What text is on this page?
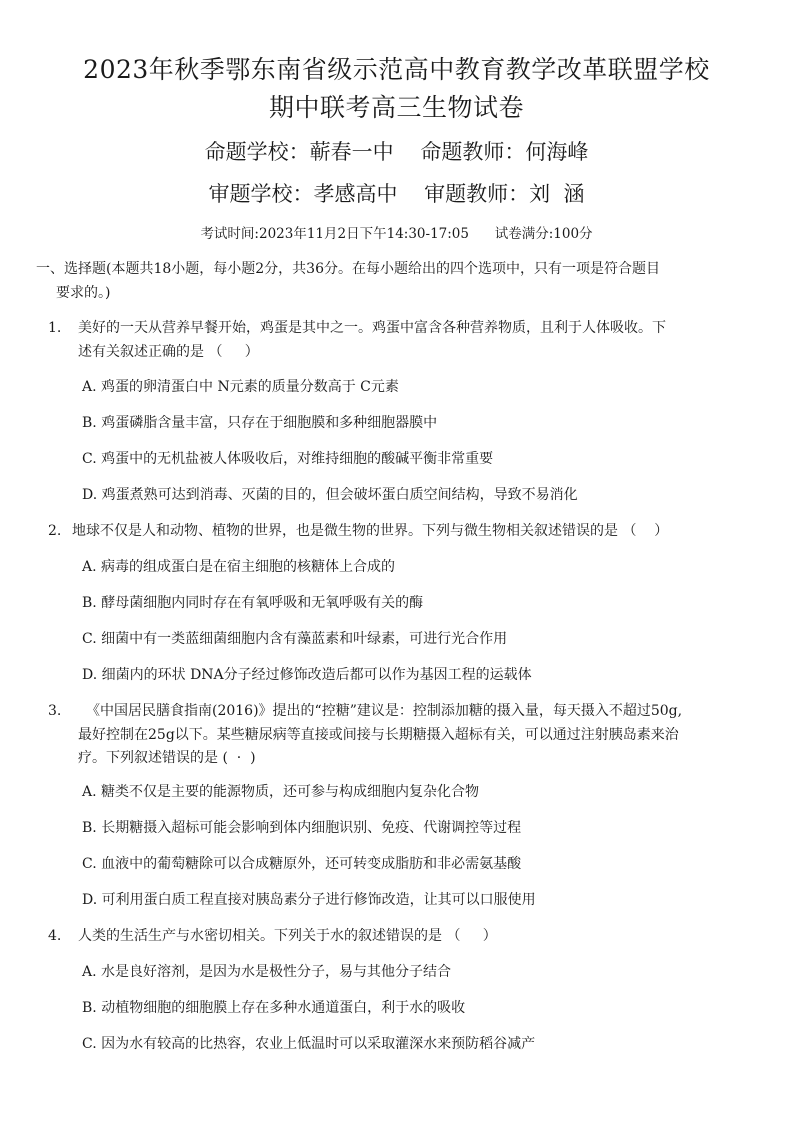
2023年秋季鄂东南省级示范高中教育教学改革联盟学校
期中联考高三生物试卷
命题学校：蕲春一中    命题教师：何海峰
审题学校：孝感高中    审题教师：刘  涵
考试时间:2023年11月2日下午14:30-17:05      试卷满分:100分
一、选择题(本题共18小题，每小题2分，共36分。在每小题给出的四个选项中，只有一项是符合题目
要求的。)
1. 美好的一天从营养早餐开始，鸡蛋是其中之一。鸡蛋中富含各种营养物质，且利于人体吸收。下
述有关叙述正确的是 （     ）
A. 鸡蛋的卵清蛋白中 N元素的质量分数高于 C元素
B. 鸡蛋磷脂含量丰富，只存在于细胞膜和多种细胞器膜中
C. 鸡蛋中的无机盐被人体吸收后，对维持细胞的酸碱平衡非常重要
D. 鸡蛋煮熟可达到消毒、灭菌的目的，但会破坏蛋白质空间结构，导致不易消化
2. 地球不仅是人和动物、植物的世界，也是微生物的世界。下列与微生物相关叙述错误的是 （    ）
A. 病毒的组成蛋白是在宿主细胞的核糖体上合成的
B. 酵母菌细胞内同时存在有氧呼吸和无氧呼吸有关的酶
C. 细菌中有一类蓝细菌细胞内含有藻蓝素和叶绿素，可进行光合作用
D. 细菌内的环状 DNA分子经过修饰改造后都可以作为基因工程的运载体
3. 《中国居民膳食指南(2016)》提出的“控糖”建议是：控制添加糖的摄入量，每天摄入不超过50g,
最好控制在25g以下。某些糖尿病等直接或间接与长期糖摄入超标有关，可以通过注射胰岛素来治
疗。下列叙述错误的是 (  ·  )
A. 糖类不仅是主要的能源物质，还可参与构成细胞内复杂化合物
B. 长期糖摄入超标可能会影响到体内细胞识别、免疫、代谢调控等过程
C. 血液中的葡萄糖除可以合成糖原外，还可转变成脂肪和非必需氨基酸
D. 可利用蛋白质工程直接对胰岛素分子进行修饰改造，让其可以口服使用
4. 人类的生活生产与水密切相关。下列关于水的叙述错误的是 （     ）
A. 水是良好溶剂，是因为水是极性分子，易与其他分子结合
B. 动植物细胞的细胞膜上存在多种水通道蛋白，利于水的吸收
C. 因为水有较高的比热容，农业上低温时可以采取灌深水来预防稻谷减产
